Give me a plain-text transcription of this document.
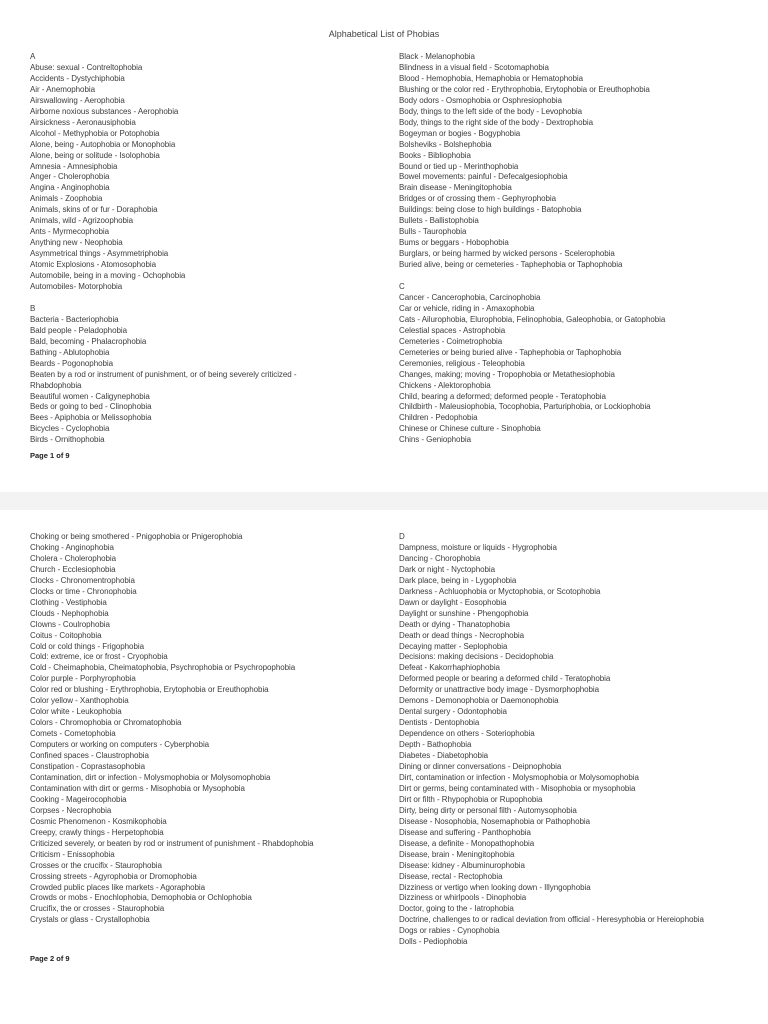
Alphabetical List of Phobias
A
Abuse: sexual - Contreltophobia
Accidents - Dystychiphobia
Air - Anemophobia
Airswallowing - Aerophobia
Airborne noxious substances - Aerophobia
Airsickness - Aeronausiphobia
Alcohol - Methyphobia or Potophobia
Alone, being - Autophobia or Monophobia
Alone, being or solitude - Isolophobia
Amnesia - Amnesiphobia
Anger - Cholerophobia
Angina - Anginophobia
Animals - Zoophobia
Animals, skins of or fur - Doraphobia
Animals, wild - Agrizoophobia
Ants - Myrmecophobia
Anything new - Neophobia
Asymmetrical things - Asymmetriphobia
Atomic Explosions - Atomosophobia
Automobile, being in a moving - Ochophobia
Automobiles- Motorphobia
B
Bacteria - Bacteriophobia
Bald people - Peladophobia
Bald, becoming - Phalacrophobia
Bathing - Ablutophobia
Beards - Pogonophobia
Beaten by a rod or instrument of punishment, or of being severely criticized -
Rhabdophobia
Beautiful women - Caligynephobia
Beds or going to bed - Clinophobia
Bees - Apiphobia or Melissophobia
Bicycles - Cyclophobia
Birds - Ornithophobia
Black - Melanophobia
Blindness in a visual field - Scotomaphobia
Blood - Hemophobia, Hemaphobia or Hematophobia
Blushing or the color red - Erythrophobia, Erytophobia or Ereuthophobia
Body odors - Osmophobia or Osphresiophobia
Body, things to the left side of the body - Levophobia
Body, things to the right side of the body - Dextrophobia
Bogeyman or bogies - Bogyphobia
Bolsheviks - Bolshephobia
Books - Bibliophobia
Bound or tied up - Merinthophobia
Bowel movements: painful - Defecalgesiophobia
Brain disease - Meningitophobia
Bridges or of crossing them - Gephyrophobia
Buildings: being close to high buildings - Batophobia
Bullets - Ballistophobia
Bulls - Taurophobia
Bums or beggars - Hobophobia
Burglars, or being harmed by wicked persons - Scelerophobia
Buried alive, being or cemeteries - Taphephobia or Taphophobia
C
Cancer - Cancerophobia, Carcinophobia
Car or vehicle, riding in - Amaxophobia
Cats - Ailurophobia, Elurophobia, Felinophobia, Galeophobia, or Gatophobia
Celestial spaces - Astrophobia
Cemeteries - Coimetrophobia
Cemeteries or being buried alive - Taphephobia or Taphophobia
Ceremonies, religious - Teleophobia
Changes, making; moving - Tropophobia or Metathesiophobia
Chickens - Alektorophobia
Child, bearing a deformed; deformed people - Teratophobia
Childbirth - Maleusiophobia, Tocophobia, Parturiphobia, or Lockiophobia
Children - Pedophobia
Chinese or Chinese culture - Sinophobia
Chins - Geniophobia
Page 1 of 9
Choking or being smothered - Pnigophobia or Pnigerophobia
Choking - Anginophobia
Cholera - Cholerophobia
Church - Ecclesiophobia
Clocks - Chronomentrophobia
Clocks or time - Chronophobia
Clothing - Vestiphobia
Clouds - Nephophobia
Clowns - Coulrophobia
Coitus - Coitophobia
Cold or cold things - Frigophobia
Cold: extreme, ice or frost - Cryophobia
Cold - Cheimaphobia, Cheimatophobia, Psychrophobia or Psychropophobia
Color purple - Porphyrophobia
Color red or blushing - Erythrophobia, Erytophobia or Ereuthophobia
Color yellow - Xanthophobia
Color white - Leukophobia
Colors - Chromophobia or Chromatophobia
Comets - Cometophobia
Computers or working on computers - Cyberphobia
Confined spaces - Claustrophobia
Constipation - Coprastasophobia
Contamination, dirt or infection - Molysmophobia or Molysomophobia
Contamination with dirt or germs - Misophobia or Mysophobia
Cooking - Mageirocophobia
Corpses - Necrophobia
Cosmic Phenomenon - Kosmikophobia
Creepy, crawly things - Herpetophobia
Criticized severely, or beaten by rod or instrument of punishment - Rhabdophobia
Criticism - Enissophobia
Crosses or the crucifix - Staurophobia
Crossing streets - Agyrophobia or Dromophobia
Crowded public places like markets - Agoraphobia
Crowds or mobs - Enochlophobia, Demophobia or Ochlophobia
Crucifix, the or crosses - Staurophobia
Crystals or glass - Crystallophobia
D
Dampness, moisture or liquids - Hygrophobia
Dancing - Chorophobia
Dark or night - Nyctophobia
Dark place, being in - Lygophobia
Darkness - Achluophobia or Myctophobia, or Scotophobia
Dawn or daylight - Eosophobia
Daylight or sunshine - Phengophobia
Death or dying - Thanatophobia
Death or dead things - Necrophobia
Decaying matter - Seplophobia
Decisions: making decisions - Decidophobia
Defeat - Kakorrhaphiophobia
Deformed people or bearing a deformed child - Teratophobia
Deformity or unattractive body image - Dysmorphophobia
Demons - Demonophobia or Daemonophobia
Dental surgery - Odontophobia
Dentists - Dentophobia
Dependence on others - Soteriophobia
Depth - Bathophobia
Diabetes - Diabetophobia
Dining or dinner conversations - Deipnophobia
Dirt, contamination or infection - Molysmophobia or Molysomophobia
Dirt or germs, being contaminated with - Misophobia or mysophobia
Dirt or filth - Rhypophobia or Rupophobia
Dirty, being dirty or personal filth - Automysophobia
Disease - Nosophobia, Nosemaphobia or Pathophobia
Disease and suffering - Panthophobia
Disease, a definite - Monopathophobia
Disease, brain - Meningitophobia
Disease: kidney - Albuminurophobia
Disease, rectal - Rectophobia
Dizziness or vertigo when looking down - Illyngophobia
Dizziness or whirlpools - Dinophobia
Doctor, going to the - Iatrophobia
Doctrine, challenges to or radical deviation from official - Heresyphobia or Hereiophobia
Dogs or rabies - Cynophobia
Dolls - Pediophobia
Page 2 of 9
